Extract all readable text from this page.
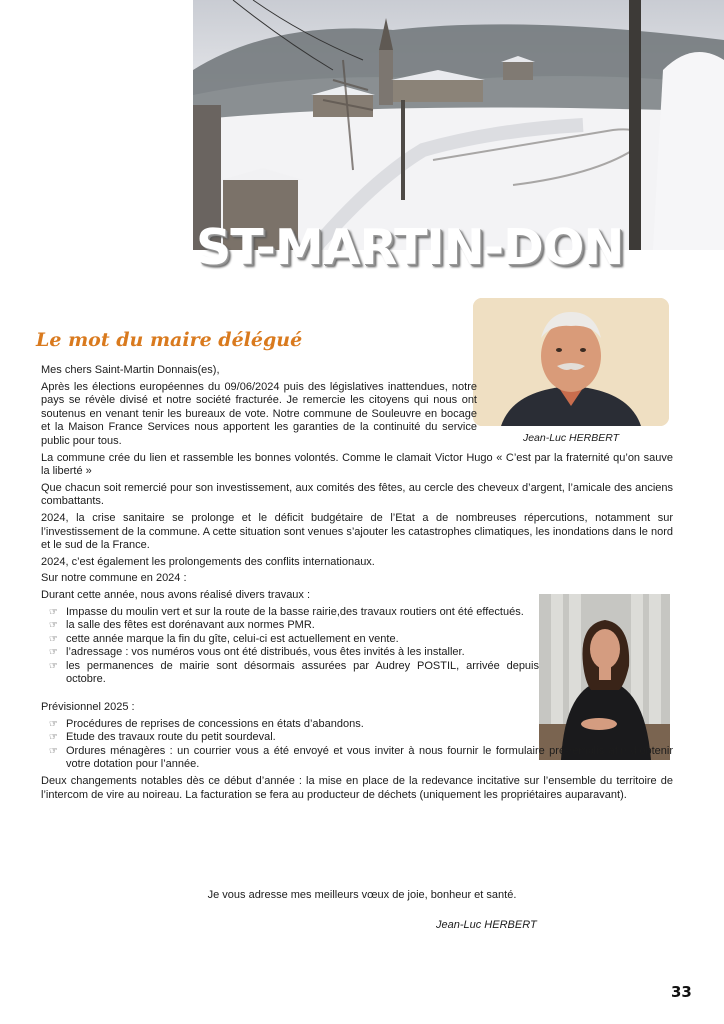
ST-MARTIN-DON
Le mot du maire délégué
Jean-Luc HERBERT

Mes chers Saint-Martin Donnais(es),

Après les élections européennes du 09/06/2024 puis des législatives inattendues, notre pays se révèle divisé et notre société fracturée. Je remercie les citoyens qui nous ont soutenus en venant tenir les bureaux de vote. Notre commune de Souleuvre en bocage et la Maison France Services nous apportent les garanties de la continuité du service public pour tous.

La commune crée du lien et rassemble les bonnes volontés. Comme le clamait Victor Hugo « C’est par la fraternité qu’on sauve la liberté »

Que chacun soit remercié pour son investissement, aux comités des fêtes, au cercle des cheveux d’argent, l’amicale des anciens combattants.

2024, la crise sanitaire se prolonge et le déficit budgétaire de l’Etat a de nombreuses répercutions, notamment sur l’investissement de la commune. A cette situation sont venues s’ajouter les catastrophes climatiques, les inondations dans le nord et le sud de la France.

2024, c’est également les prolongements des conflits internationaux.

Sur notre commune en 2024 :

Durant cette année, nous avons réalisé divers travaux :

☞ Impasse du moulin vert et sur la route de la basse rairie,des travaux routiers ont été effectués.
☞ la salle des fêtes est dorénavant aux normes PMR.
☞ cette année marque la fin du gîte, celui-ci est actuellement en vente.
☞ l’adressage : vos numéros vous ont été distribués, vous êtes invités à les installer.
☞ les permanences de mairie sont désormais assurées par Audrey POSTIL, arrivée depuis octobre.

Prévisionnel 2025 :

☞ Procédures de reprises de concessions en états d’abandons.
☞ Etude des travaux route du petit sourdeval.
☞ Ordures ménagères : un courrier vous a été envoyé et vous inviter à nous fournir le formulaire pré-remplis afin d’obtenir votre dotation pour l’année.

Deux changements notables dès ce début d’année : la mise en place de la redevance incitative sur l’ensemble du territoire de l’intercom de vire au noireau. La facturation se fera au producteur de déchets (uniquement les propriétaires auparavant).

Je vous adresse mes meilleurs vœux de joie, bonheur et santé.
Jean-Luc HERBERT
33
